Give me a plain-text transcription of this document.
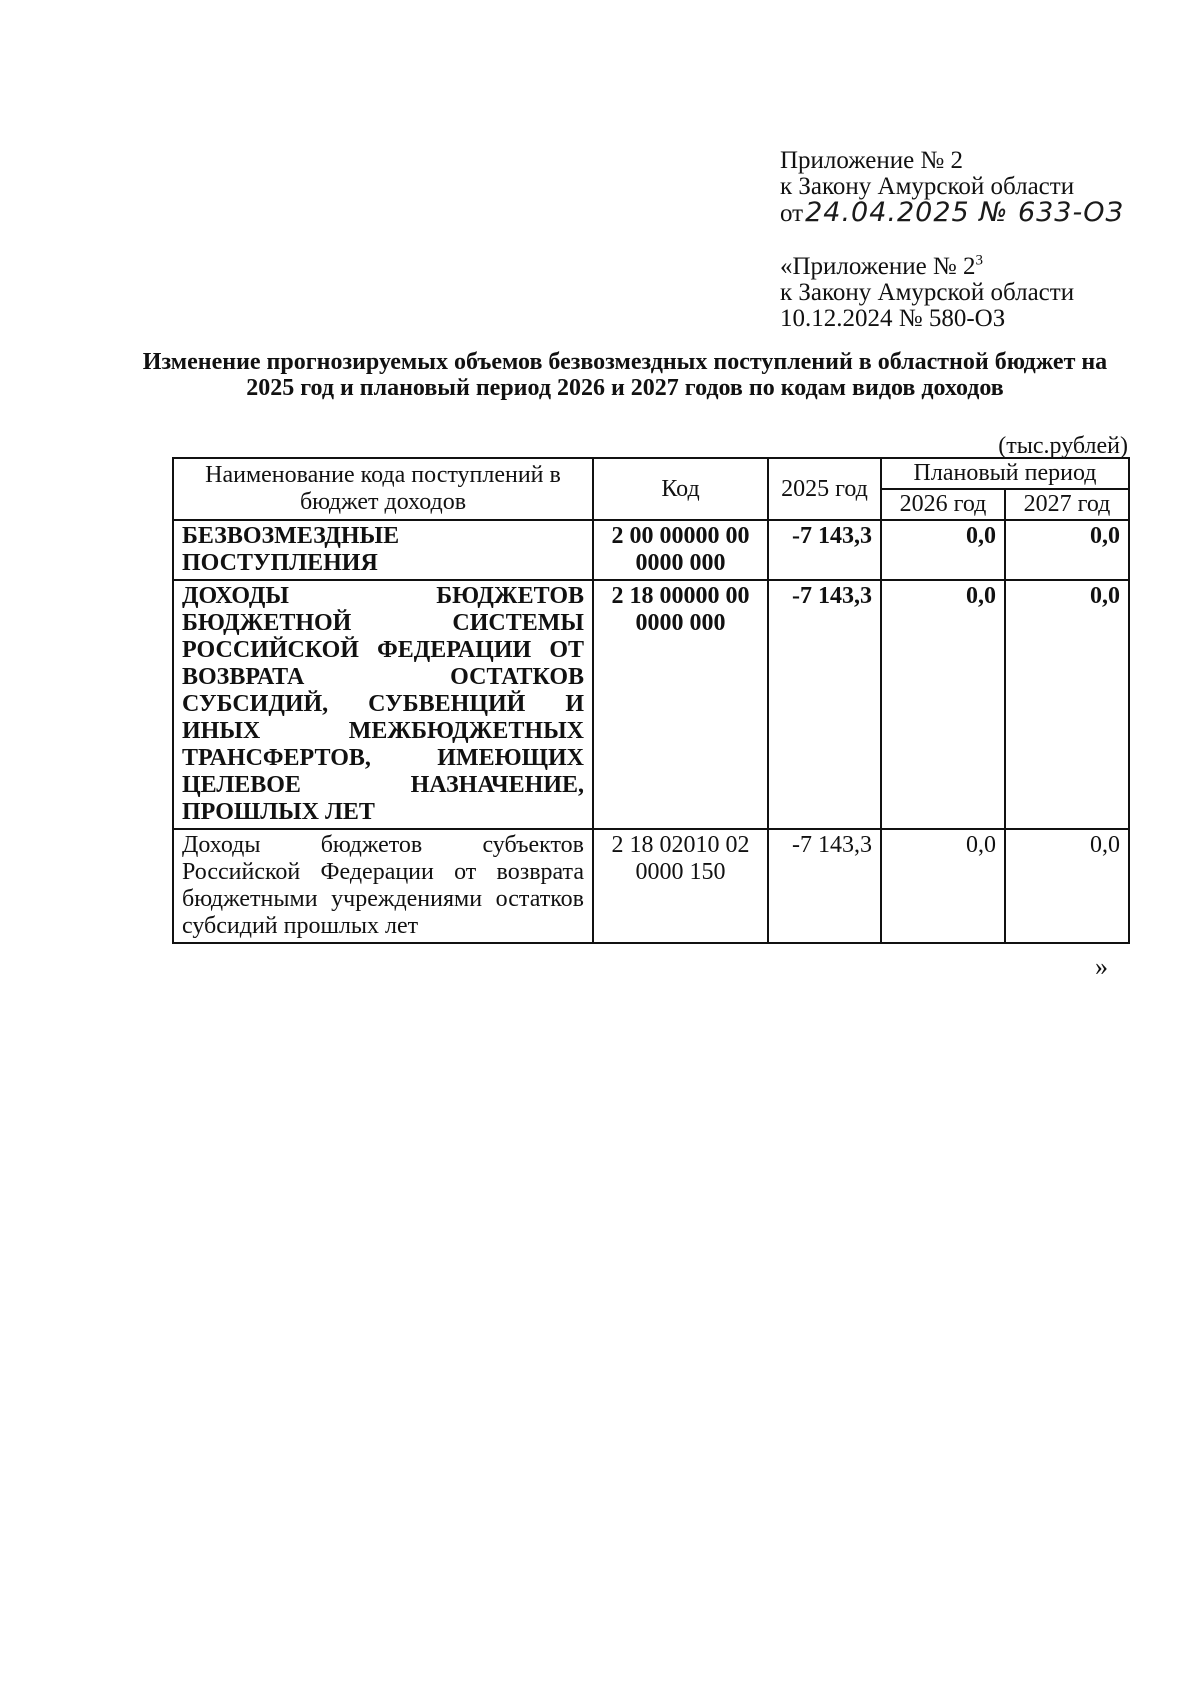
Приложение № 2
к Закону Амурской области
от24.04.2025 № 633-ОЗ
«Приложение № $2^3$
к Закону Амурской области
10.12.2024 № 580-ОЗ
Изменение прогнозируемых объемов безвозмездных поступлений в областной бюджет на 2025 год и плановый период 2026 и 2027 годов по кодам видов доходов
(тыс.рублей)
Наименование кода поступлений в бюджет доходов	Код	2025 год	Плановый период	
			2026 год	2027 год
БЕЗВОЗМЕЗДНЫЕ ПОСТУПЛЕНИЯ	2 00 00000 00 0000 000	-7 143,3	0,0	0,0
ДОХОДЫ БЮДЖЕТОВ БЮДЖЕТНОЙ СИСТЕМЫ РОССИЙСКОЙ ФЕДЕРАЦИИ ОТ ВОЗВРАТА ОСТАТКОВ СУБСИДИЙ, СУБВЕНЦИЙ И ИНЫХ МЕЖБЮДЖЕТНЫХ ТРАНСФЕРТОВ, ИМЕЮЩИХ ЦЕЛЕВОЕ НАЗНАЧЕНИЕ, ПРОШЛЫХ ЛЕТ	2 18 00000 00 0000 000	-7 143,3	0,0	0,0
Доходы бюджетов субъектов Российской Федерации от возврата бюджетными учреждениями остатков субсидий прошлых лет	2 18 02010 02 0000 150	-7 143,3	0,0	0,0
»
